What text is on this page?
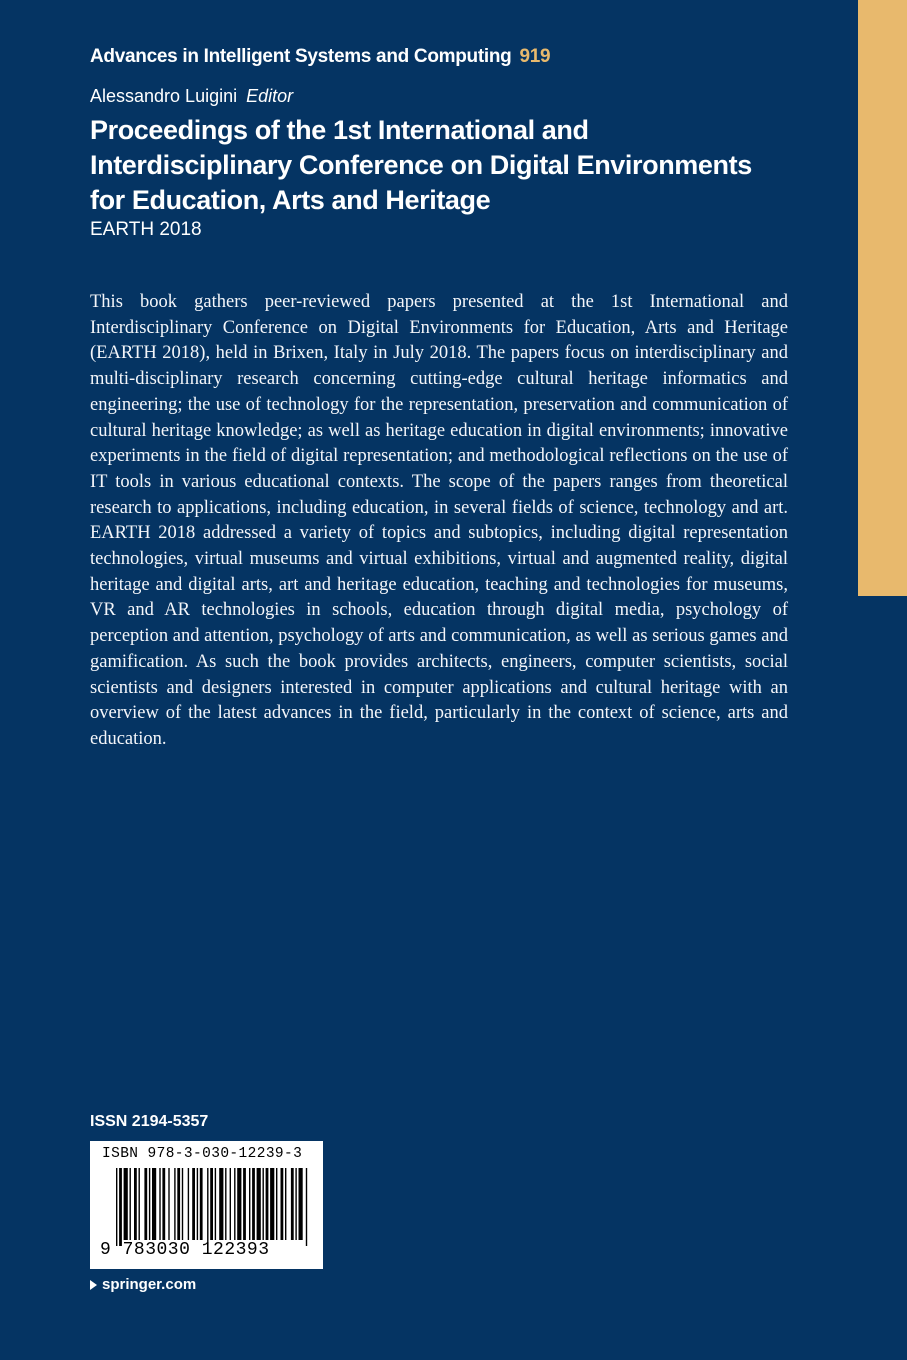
Advances in Intelligent Systems and Computing 919
Alessandro Luigini Editor
Proceedings of the 1st International and Interdisciplinary Conference on Digital Environments for Education, Arts and Heritage
EARTH 2018

This book gathers peer-reviewed papers presented at the 1st International and Interdisciplinary Conference on Digital Environments for Education, Arts and Heritage (EARTH 2018), held in Brixen, Italy in July 2018. The papers focus on interdisciplinary and multi-disciplinary research concerning cutting-edge cultural heritage informatics and engineering; the use of technology for the representation, preservation and communication of cultural heritage knowledge; as well as heritage education in digital environments; innovative experiments in the field of digital representation; and methodological reflections on the use of IT tools in various educational contexts. The scope of the papers ranges from theoretical research to applications, including education, in several fields of science, technology and art. EARTH 2018 addressed a variety of topics and subtopics, including digital representation technologies, virtual museums and virtual exhibitions, virtual and augmented reality, digital heritage and digital arts, art and heritage education, teaching and technologies for museums, VR and AR technologies in schools, education through digital media, psychology of perception and attention, psychology of arts and communication, as well as serious games and gamification. As such the book provides architects, engineers, computer scientists, social scientists and designers interested in computer applications and cultural heritage with an overview of the latest advances in the field, particularly in the context of science, arts and education.

ISSN 2194-5357
ISBN 978-3-030-12239-3
9 783030 122393
springer.com
